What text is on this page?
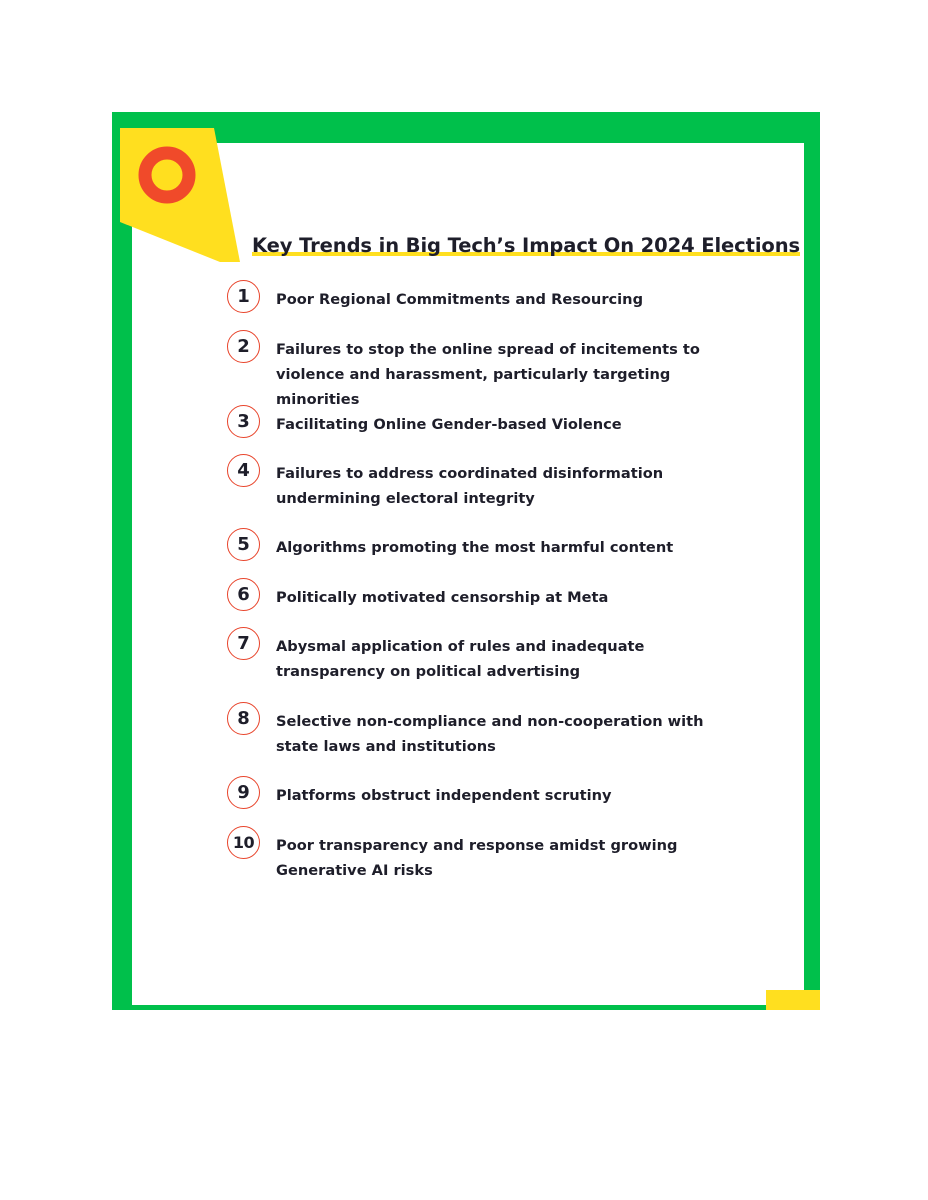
Key Trends in Big Tech’s Impact On 2024 Elections
1	Poor Regional Commitments and Resourcing
2	Failures to stop the online spread of incitements to violence and harassment, particularly targeting minorities
3	Facilitating Online Gender-based Violence
4	Failures to address coordinated disinformation undermining electoral integrity
5	Algorithms promoting the most harmful content
6	Politically motivated censorship at Meta
7	Abysmal application of rules and inadequate transparency on political advertising
8	Selective non-compliance and non-cooperation with state laws and institutions
9	Platforms obstruct independent scrutiny
10	Poor transparency and response amidst growing Generative AI risks
